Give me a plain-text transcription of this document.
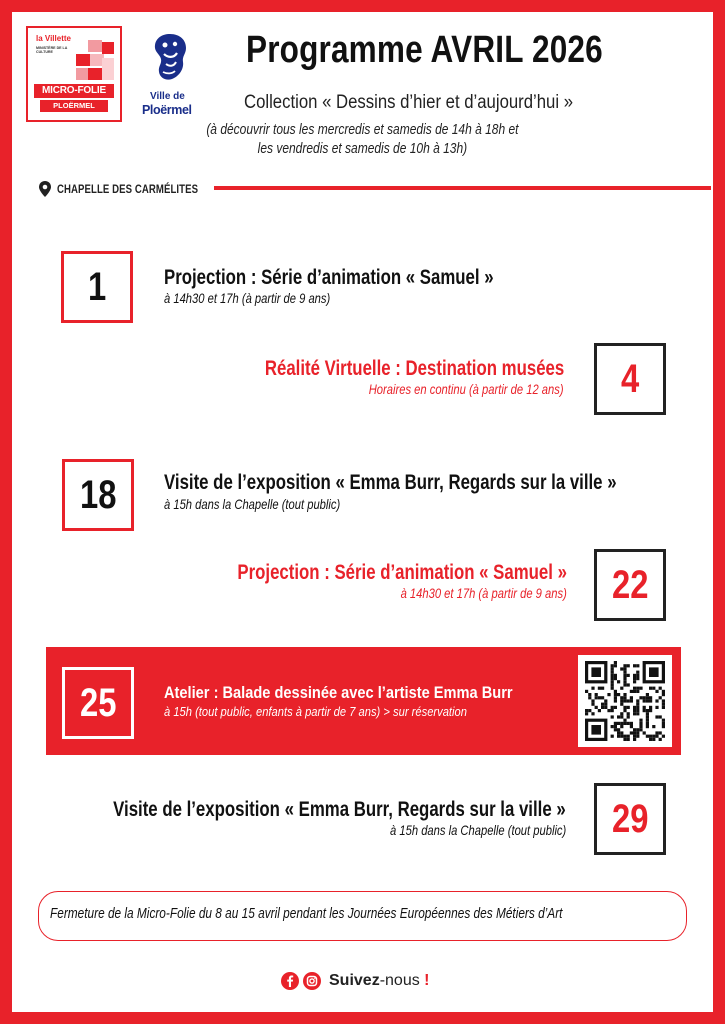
la Villette
MINISTÈRE DE LA CULTURE
MICRO-FOLIE
PLOËRMEL
Ville de
Ploërmel
Programme AVRIL 2026
Collection « Dessins d’hier et d’aujourd’hui »
(à découvrir tous les mercredis et samedis de 14h à 18h et
les vendredis et samedis de 10h à 13h)
CHAPELLE DES CARMÉLITES
1	Projection : Série d’animation « Samuel »
à 14h30 et 17h (à partir de 9 ans)
Réalité Virtuelle : Destination musées
Horaires en continu (à partir de 12 ans) 4
18 Visite de l’exposition « Emma Burr, Regards sur la ville »
à 15h dans la Chapelle (tout public)
Projection : Série d’animation « Samuel »
à 14h30 et 17h (à partir de 9 ans) 22
25	Atelier : Balade dessinée avec l’artiste Emma Burr
à 15h (tout public, enfants à partir de 7 ans) > sur réservation
Visite de l’exposition « Emma Burr, Regards sur la ville »
à 15h dans la Chapelle (tout public) 29
Fermeture de la Micro-Folie du 8 au 15 avril pendant les Journées Européennes des Métiers d’Art
Suivez-nous !
